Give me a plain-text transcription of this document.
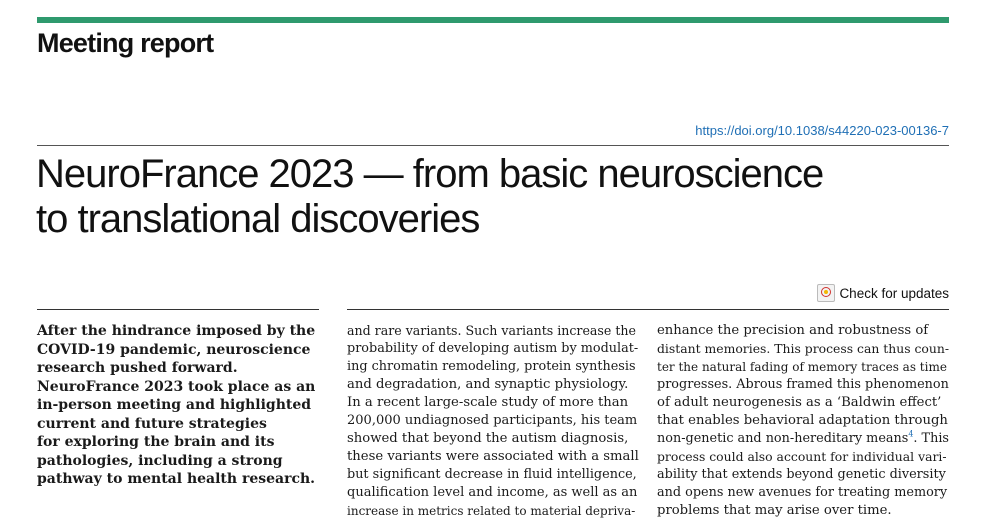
Meeting report
https://doi.org/10.1038/s44220-023-00136-7
NeuroFrance 2023 — from basic neuroscience
to translational discoveries
Check for updates
After the hindrance imposed by the
COVID-19 pandemic, neuroscience
research pushed forward.
NeuroFrance 2023 took place as an
in-person meeting and highlighted
current and future strategies
for exploring the brain and its
pathologies, including a strong
pathway to mental health research.
and rare variants. Such variants increase the
probability of developing autism by modulat-
ing chromatin remodeling, protein synthesis
and degradation, and synaptic physiology.
In a recent large-scale study of more than
200,000 undiagnosed participants, his team
showed that beyond the autism diagnosis,
these variants were associated with a small
but significant decrease in fluid intelligence,
qualification level and income, as well as an
increase in metrics related to material depriva-
enhance the precision and robustness of
distant memories. This process can thus coun-
ter the natural fading of memory traces as time
progresses. Abrous framed this phenomenon
of adult neurogenesis as a ‘Baldwin effect’
that enables behavioral adaptation through
non-genetic and non-hereditary means$^4$. This
process could also account for individual vari-
ability that extends beyond genetic diversity
and opens new avenues for treating memory
problems that may arise over time.
